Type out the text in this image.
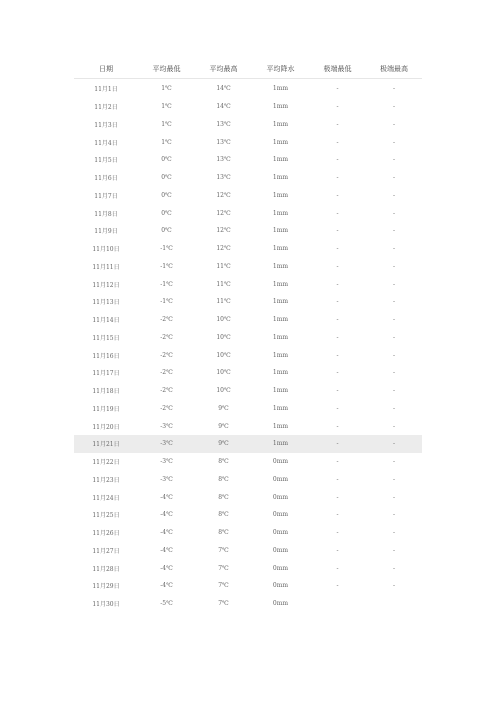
日期	平均最低	平均最高	平均降水	极端最低	极端最高
11月1日	1℃	14℃	1mm	-	-
11月2日	1℃	14℃	1mm	-	-
11月3日	1℃	13℃	1mm	-	-
11月4日	1℃	13℃	1mm	-	-
11月5日	0℃	13℃	1mm	-	-
11月6日	0℃	13℃	1mm	-	-
11月7日	0℃	12℃	1mm	-	-
11月8日	0℃	12℃	1mm	-	-
11月9日	0℃	12℃	1mm	-	-
11月10日	-1℃	12℃	1mm	-	-
11月11日	-1℃	11℃	1mm	-	-
11月12日	-1℃	11℃	1mm	-	-
11月13日	-1℃	11℃	1mm	-	-
11月14日	-2℃	10℃	1mm	-	-
11月15日	-2℃	10℃	1mm	-	-
11月16日	-2℃	10℃	1mm	-	-
11月17日	-2℃	10℃	1mm	-	-
11月18日	-2℃	10℃	1mm	-	-
11月19日	-2℃	9℃	1mm	-	-
11月20日	-3℃	9℃	1mm	-	-
11月21日	-3℃	9℃	1mm	-	-
11月22日	-3℃	8℃	0mm	-	-
11月23日	-3℃	8℃	0mm	-	-
11月24日	-4℃	8℃	0mm	-	-
11月25日	-4℃	8℃	0mm	-	-
11月26日	-4℃	8℃	0mm	-	-
11月27日	-4℃	7℃	0mm	-	-
11月28日	-4℃	7℃	0mm	-	-
11月29日	-4℃	7℃	0mm	-	-
11月30日	-5℃	7℃	0mm		
